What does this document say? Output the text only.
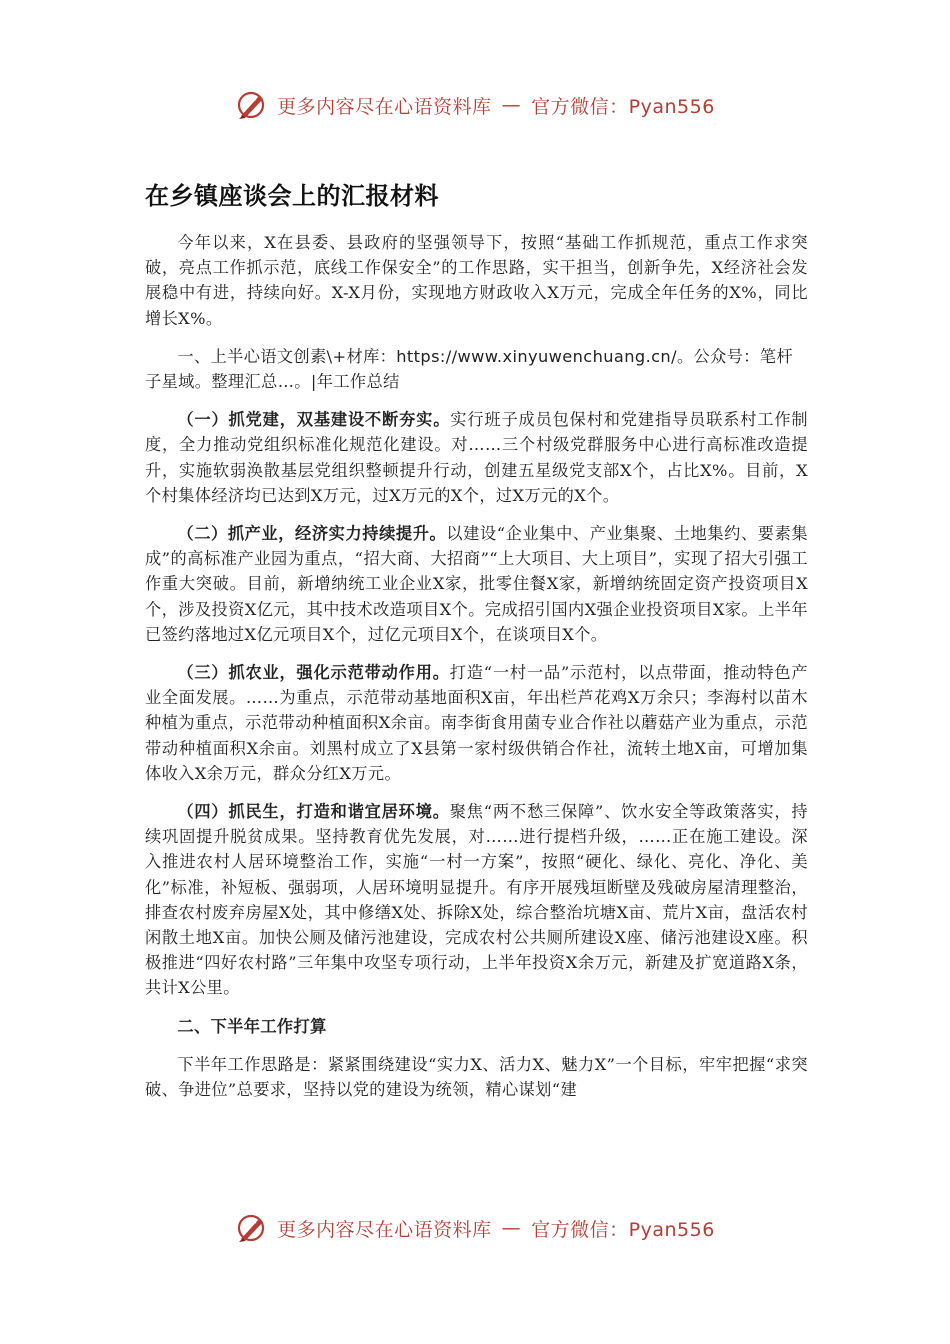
更多内容尽在心语资料库 — 官方微信：Pyan556
在乡镇座谈会上的汇报材料

今年以来，X在县委、县政府的坚强领导下，按照“基础工作抓规范，重点工作求突破，亮点工作抓示范，底线工作保安全”的工作思路，实干担当，创新争先，X经济社会发展稳中有进，持续向好。X-X月份，实现地方财政收入X万元，完成全年任务的X%，同比增长X%。

一、上半心语文创素\+材库：https://www.xinyuwenchuang.cn/。公众号：笔杆子星域。整理汇总…。|年工作总结

（一）抓党建，双基建设不断夯实。实行班子成员包保村和党建指导员联系村工作制度，全力推动党组织标准化规范化建设。对……三个村级党群服务中心进行高标准改造提升，实施软弱涣散基层党组织整顿提升行动，创建五星级党支部X个，占比X%。目前，X个村集体经济均已达到X万元，过X万元的X个，过X万元的X个。

（二）抓产业，经济实力持续提升。以建设“企业集中、产业集聚、土地集约、要素集成”的高标准产业园为重点，“招大商、大招商”“上大项目、大上项目”，实现了招大引强工作重大突破。目前，新增纳统工业企业X家，批零住餐X家，新增纳统固定资产投资项目X个，涉及投资X亿元，其中技术改造项目X个。完成招引国内X强企业投资项目X家。上半年已签约落地过X亿元项目X个，过亿元项目X个，在谈项目X个。

（三）抓农业，强化示范带动作用。打造“一村一品”示范村，以点带面，推动特色产业全面发展。……为重点，示范带动基地面积X亩，年出栏芦花鸡X万余只；李海村以苗木种植为重点，示范带动种植面积X余亩。南李街食用菌专业合作社以蘑菇产业为重点，示范带动种植面积X余亩。刘黑村成立了X县第一家村级供销合作社，流转土地X亩，可增加集体收入X余万元，群众分红X万元。

（四）抓民生，打造和谐宜居环境。聚焦“两不愁三保障”、饮水安全等政策落实，持续巩固提升脱贫成果。坚持教育优先发展，对……进行提档升级，……正在施工建设。深入推进农村人居环境整治工作，实施“一村一方案”，按照“硬化、绿化、亮化、净化、美化”标准，补短板、强弱项，人居环境明显提升。有序开展残垣断壁及残破房屋清理整治，排查农村废弃房屋X处，其中修缮X处、拆除X处，综合整治坑塘X亩、荒片X亩，盘活农村闲散土地X亩。加快公厕及储污池建设，完成农村公共厕所建设X座、储污池建设X座。积极推进“四好农村路”三年集中攻坚专项行动，上半年投资X余万元，新建及扩宽道路X条，共计X公里。

二、下半年工作打算

下半年工作思路是：紧紧围绕建设“实力X、活力X、魅力X”一个目标，牢牢把握“求突破、争进位”总要求，坚持以党的建设为统领，精心谋划“建

更多内容尽在心语资料库 — 官方微信：Pyan556
